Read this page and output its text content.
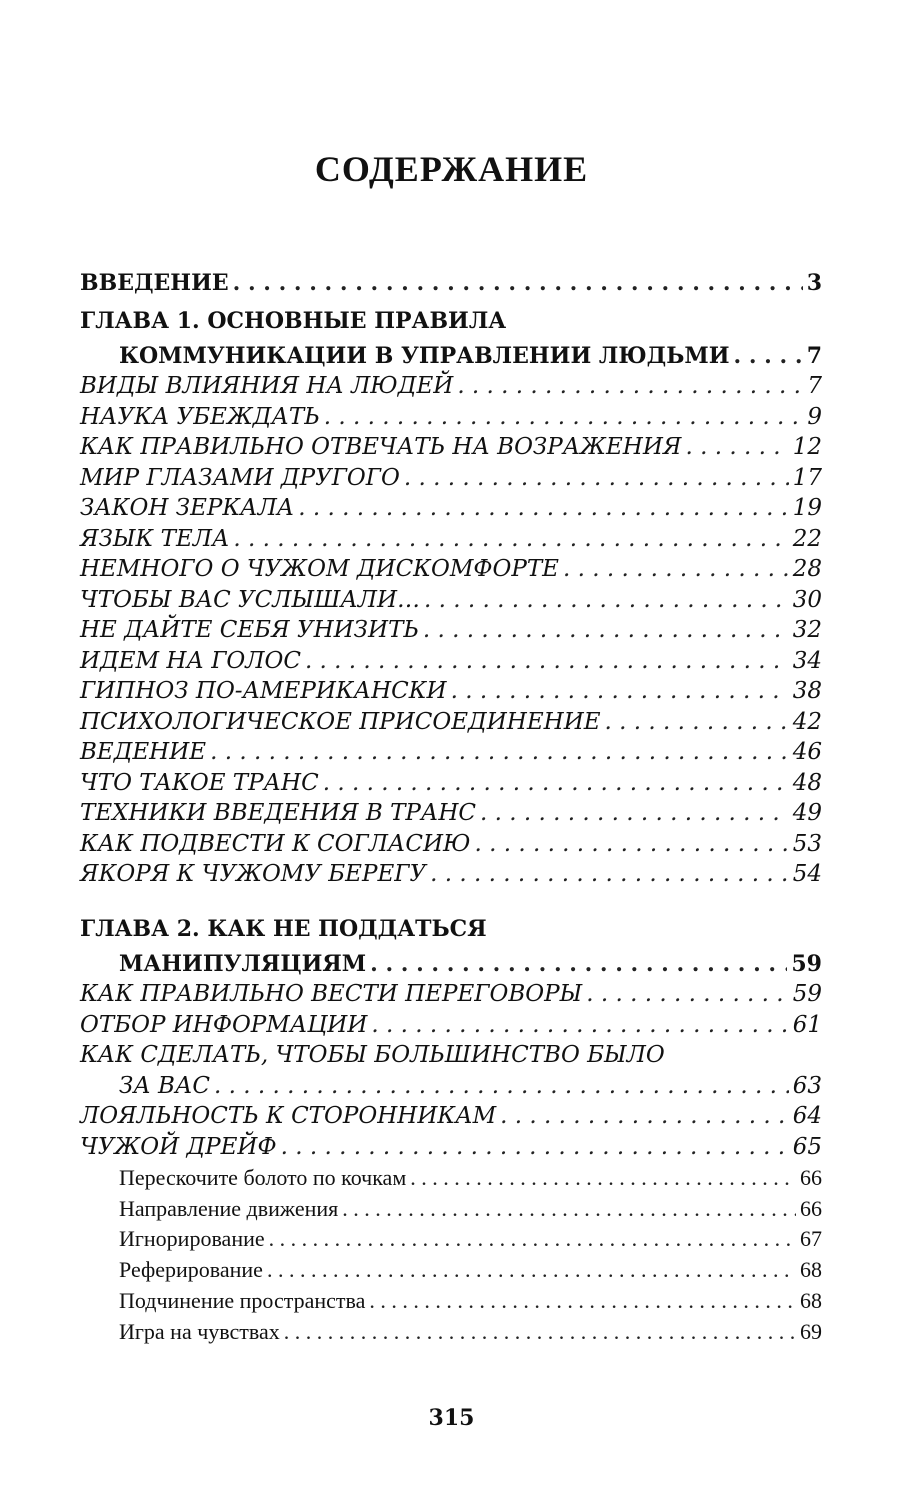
СОДЕРЖАНИЕ
ВВЕДЕНИЕ . . .	3
ГЛАВА 1. ОСНОВНЫЕ ПРАВИЛА
КОММУНИКАЦИИ В УПРАВЛЕНИИ ЛЮДЬМИ . . .	7
ВИДЫ ВЛИЯНИЯ НА ЛЮДЕЙ . . .	7
НАУКА УБЕЖДАТЬ . . .	9
КАК ПРАВИЛЬНО ОТВЕЧАТЬ НА ВОЗРАЖЕНИЯ . . .	12
МИР ГЛАЗАМИ ДРУГОГО . . .	17
ЗАКОН ЗЕРКАЛА . . .	19
ЯЗЫК ТЕЛА . . .	22
НЕМНОГО О ЧУЖОМ ДИСКОМФОРТЕ . . .	28
ЧТОБЫ ВАС УСЛЫШАЛИ… . . .	30
НЕ ДАЙТЕ СЕБЯ УНИЗИТЬ . . .	32
ИДЕМ НА ГОЛОС . . .	34
ГИПНОЗ ПО-АМЕРИКАНСКИ . . .	38
ПСИХОЛОГИЧЕСКОЕ ПРИСОЕДИНЕНИЕ . . .	42
ВЕДЕНИЕ . . .	46
ЧТО ТАКОЕ ТРАНС . . .	48
ТЕХНИКИ ВВЕДЕНИЯ В ТРАНС . . .	49
КАК ПОДВЕСТИ К СОГЛАСИЮ . . .	53
ЯКОРЯ К ЧУЖОМУ БЕРЕГУ . . .	54
ГЛАВА 2. КАК НЕ ПОДДАТЬСЯ
МАНИПУЛЯЦИЯМ . . .	59
КАК ПРАВИЛЬНО ВЕСТИ ПЕРЕГОВОРЫ . . .	59
ОТБОР ИНФОРМАЦИИ . . .	61
КАК СДЕЛАТЬ, ЧТОБЫ БОЛЬШИНСТВО БЫЛО
ЗА ВАС . . .	63
ЛОЯЛЬНОСТЬ К СТОРОННИКАМ . . .	64
ЧУЖОЙ ДРЕЙФ . . .	65
Перескочите болото по кочкам . . .	66
Направление движения . . .	66
Игнорирование . . .	67
Реферирование . . .	68
Подчинение пространства . . .	68
Игра на чувствах . . .	69
315
